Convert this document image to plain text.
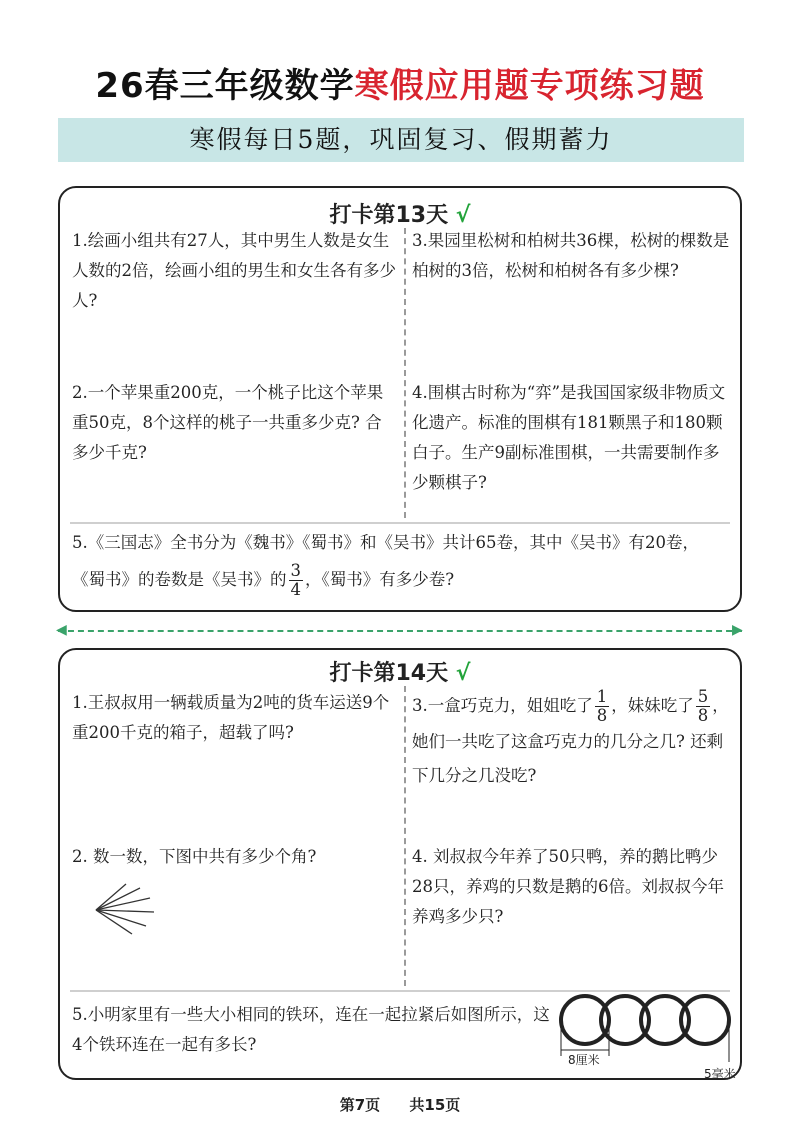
26春三年级数学寒假应用题专项练习题
寒假每日5题，巩固复习、假期蓄力
打卡第13天 √
1.绘画小组共有27人，其中男生人数是女生人数的2倍，绘画小组的男生和女生各有多少人?
3.果园里松树和柏树共36棵，松树的棵数是柏树的3倍，松树和柏树各有多少棵?
2.一个苹果重200克，一个桃子比这个苹果重50克，8个这样的桃子一共重多少克? 合多少千克?
4.围棋古时称为“弈”是我国国家级非物质文化遗产。标准的围棋有181颗黑子和180颗白子。生产9副标准围棋，一共需要制作多少颗棋子?
5.《三国志》全书分为《魏书》《蜀书》和《吴书》共计65卷，其中《吴书》有20卷，
《蜀书》的卷数是《吴书》的 $\frac{3}{4}$ ，《蜀书》有多少卷?
◀	▶
打卡第14天 √
1.王叔叔用一辆载质量为2吨的货车运送9个重200千克的箱子，超载了吗?
3.一盒巧克力，姐姐吃了 $\frac{1}{8}$ ，妹妹吃了 $\frac{5}{8}$ ，她们一共吃了这盒巧克力的几分之几? 还剩下几分之几没吃?
2. 数一数，下图中共有多少个角?	4. 刘叔叔今年养了50只鸭，养的鹅比鸭少28只，养鸡的只数是鹅的6倍。刘叔叔今年养鸡多少只?
5.小明家里有一些大小相同的铁环，连在一起拉紧后如图所示，这4个铁环连在一起有多长?
8厘米
5毫米
第7页 共15页
